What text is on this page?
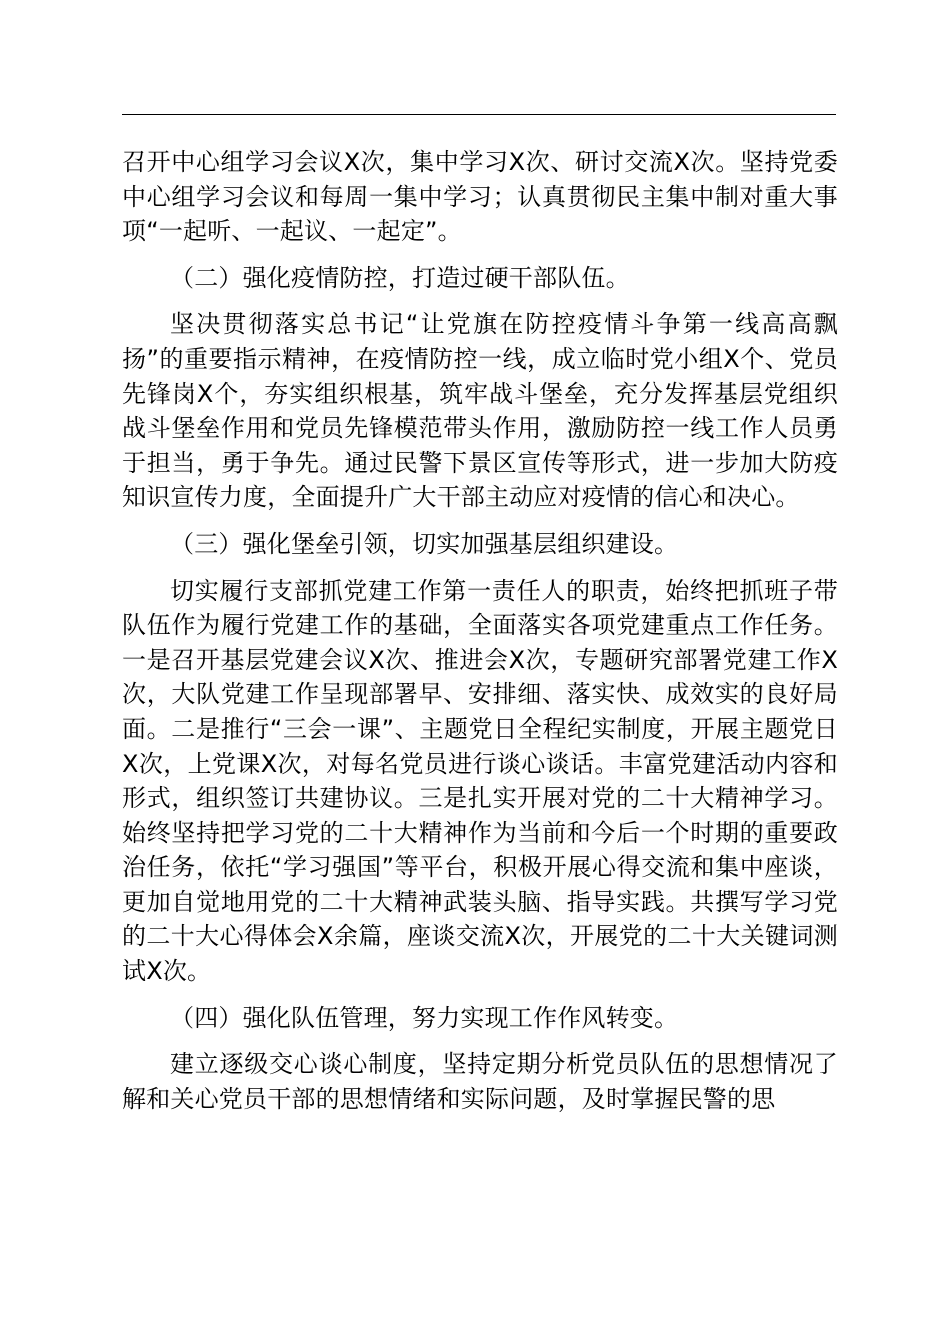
召开中心组学习会议X次，集中学习X次、研讨交流X次。坚持党委中心组学习会议和每周一集中学习；认真贯彻民主集中制对重大事项“一起听、一起议、一起定”。

（二）强化疫情防控，打造过硬干部队伍。

坚决贯彻落实总书记“让党旗在防控疫情斗争第一线高高飘扬”的重要指示精神，在疫情防控一线，成立临时党小组X个、党员先锋岗X个，夯实组织根基，筑牢战斗堡垒，充分发挥基层党组织战斗堡垒作用和党员先锋模范带头作用，激励防控一线工作人员勇于担当，勇于争先。通过民警下景区宣传等形式，进一步加大防疫知识宣传力度，全面提升广大干部主动应对疫情的信心和决心。

（三）强化堡垒引领，切实加强基层组织建设。

切实履行支部抓党建工作第一责任人的职责，始终把抓班子带队伍作为履行党建工作的基础，全面落实各项党建重点工作任务。一是召开基层党建会议X次、推进会X次，专题研究部署党建工作X次，大队党建工作呈现部署早、安排细、落实快、成效实的良好局面。二是推行“三会一课”、主题党日全程纪实制度，开展主题党日X次，上党课X次，对每名党员进行谈心谈话。丰富党建活动内容和形式，组织签订共建协议。三是扎实开展对党的二十大精神学习。始终坚持把学习党的二十大精神作为当前和今后一个时期的重要政治任务，依托“学习强国”等平台，积极开展心得交流和集中座谈，更加自觉地用党的二十大精神武装头脑、指导实践。共撰写学习党的二十大心得体会X余篇，座谈交流X次，开展党的二十大关键词测试X次。

（四）强化队伍管理，努力实现工作作风转变。

建立逐级交心谈心制度，坚持定期分析党员队伍的思想情况了解和关心党员干部的思想情绪和实际问题，及时掌握民警的思
